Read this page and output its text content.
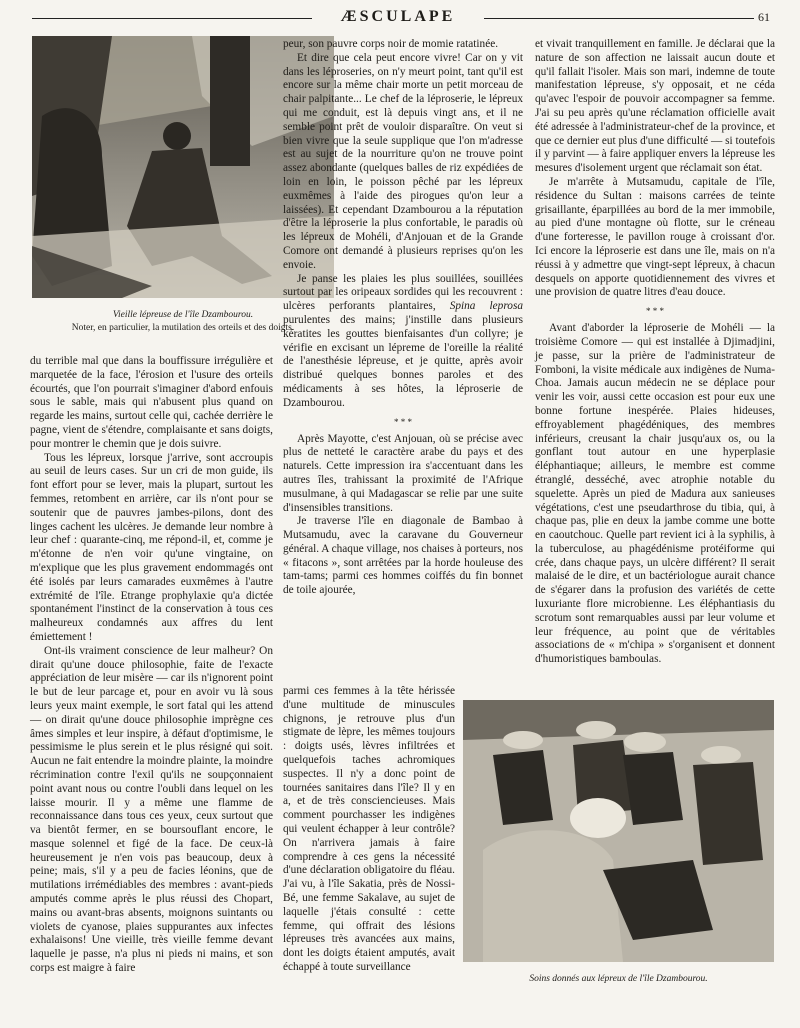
ÆSCULAPE	61
Vieille lépreuse de l'île Dzambourou.
Noter, en particulier, la mutilation des orteils et des doigts.
Soins donnés aux lépreux de l'île Dzambourou.

du terrible mal que dans la bouffissure irrégulière et marquetée de la face, l'érosion et l'usure des orteils écourtés, que l'on pourrait s'imaginer d'abord enfouis sous le sable, mais qui n'abusent plus quand on regarde les mains, surtout celle qui, cachée derrière le pagne, vient de s'étendre, complaisante et sans doigts, pour montrer le chemin que je dois suivre.

Tous les lépreux, lorsque j'arrive, sont accroupis au seuil de leurs cases. Sur un cri de mon guide, ils font effort pour se lever, mais la plupart, surtout les femmes, retombent en arrière, car ils n'ont pour se soutenir que de pauvres jambes-pilons, dont des linges cachent les ulcères. Je demande leur nombre à leur chef : quarante-cinq, me répond-il, et, comme je m'étonne de n'en voir qu'une vingtaine, on m'explique que les plus gravement endommagés ont été isolés par leurs camarades euxmêmes à l'autre extrémité de l'île. Etrange prophylaxie qu'a dictée spontanément l'instinct de la conservation à tous ces malheureux condamnés aux affres du lent émiettement !

Ont-ils vraiment conscience de leur malheur? On dirait qu'une douce philosophie, faite de l'exacte appréciation de leur misère — car ils n'ignorent point le but de leur parcage et, pour en avoir vu là sous leurs yeux maint exemple, le sort fatal qui les attend — on dirait qu'une douce philosophie imprègne ces âmes simples et leur inspire, à défaut d'optimisme, le pessimisme le plus serein et le plus résigné qui soit. Aucun ne fait entendre la moindre plainte, la moindre récrimination contre l'exil qu'ils ne soupçonnaient point avant nous ou contre l'oubli dans lequel on les laisse mourir. Il y a même une flamme de reconnaissance dans tous ces yeux, ceux surtout que va bientôt fermer, en se boursouflant encore, le masque solennel et figé de la face. De ceux-là heureusement je n'en vois pas beaucoup, deux à peine; mais, s'il y a peu de facies léonins, que de mutilations irrémédiables des membres : avant-pieds amputés comme après le plus réussi des Chopart, mains ou avant-bras absents, moignons suintants ou violets de cyanose, plaies suppurantes aux infectes exhalaisons! Une vieille, très vieille femme devant laquelle je passe, n'a plus ni pieds ni mains, et son corps est maigre à faire

peur, son pauvre corps noir de momie ratatinée.

Et dire que cela peut encore vivre! Car on y vit dans les léproseries, on n'y meurt point, tant qu'il est encore sur la même chair morte un petit morceau de chair palpitante... Le chef de la léproserie, le lépreux qui me conduit, est là depuis vingt ans, et il ne semble point prêt de vouloir disparaître. On veut si bien vivre que la seule supplique que l'on m'adresse est au sujet de la nourriture qu'on ne trouve point assez abondante (quelques balles de riz expédiées de loin en loin, le poisson pêché par les lépreux euxmêmes à l'aide des pirogues qu'on leur a laissées). Et cependant Dzambourou a la réputation d'être la léproserie la plus confortable, le paradis où les lépreux de Mohéli, d'Anjouan et de la Grande Comore ont demandé à plusieurs reprises qu'on les envoie.

Je panse les plaies les plus souillées, souillées surtout par les oripeaux sordides qui les recouvrent : ulcères perforants plantaires, Spina leprosa purulentes des mains; j'instille dans plusieurs kératites les gouttes bienfaisantes d'un collyre; je vérifie en excisant un lépreme de l'oreille la réalité de l'anesthésie lépreuse, et je quitte, après avoir distribué quelques bonnes paroles et des médicaments à ses hôtes, la léproserie de Dzambourou.

* * *

Après Mayotte, c'est Anjouan, où se précise avec plus de netteté le caractère arabe du pays et des naturels. Cette impression ira s'accentuant dans les autres îles, trahissant la proximité de l'Afrique musulmane, à qui Madagascar se relie par une suite d'insensibles transitions.

Je traverse l'île en diagonale de Bambao à Mutsamudu, avec la caravane du Gouverneur général. A chaque village, nos chaises à porteurs, nos « fitacons », sont arrêtées par la horde houleuse des tam-tams; parmi ces hommes coiffés du fin bonnet de toile ajourée,

parmi ces femmes à la tête hérissée d'une multitude de minuscules chignons, je retrouve plus d'un stigmate de lèpre, les mêmes toujours : doigts usés, lèvres infiltrées et quelquefois taches achromiques suspectes. Il n'y a donc point de tournées sanitaires dans l'île? Il y en a, et de très consciencieuses. Mais comment pourchasser les indigènes qui veulent échapper à leur contrôle? On n'arrivera jamais à faire comprendre à ces gens la nécessité d'une déclaration obligatoire du fléau. J'ai vu, à l'île Sakatia, près de Nossi-Bé, une femme Sakalave, au sujet de laquelle j'étais consulté : cette femme, qui offrait des lésions lépreuses très avancées aux mains, dont les doigts étaient amputés, avait échappé à toute surveillance

et vivait tranquillement en famille. Je déclarai que la nature de son affection ne laissait aucun doute et qu'il fallait l'isoler. Mais son mari, indemne de toute manifestation lépreuse, s'y opposait, et ne céda qu'avec l'espoir de pouvoir accompagner sa femme. J'ai su peu après qu'une réclamation officielle avait été adressée à l'administrateur-chef de la province, et que ce dernier eut plus d'une difficulté — si toutefois il y parvint — à faire appliquer envers la lépreuse les mesures d'isolement urgent que réclamait son état.

Je m'arrête à Mutsamudu, capitale de l'île, résidence du Sultan : maisons carrées de teinte grisaillante, éparpillées au bord de la mer immobile, au pied d'une montagne où flotte, sur le créneau d'une forteresse, le pavillon rouge à croissant d'or. Ici encore la léproserie est dans une île, mais on n'a réussi à y admettre que vingt-sept lépreux, à chacun desquels on apporte quotidiennement des vivres et une provision de quatre litres d'eau douce.

* * *

Avant d'aborder la léproserie de Mohéli — la troisième Comore — qui est installée à Djimadjini, je passe, sur la prière de l'administrateur de Fomboni, la visite médicale aux indigènes de Numa-Choa. Jamais aucun médecin ne se déplace pour venir les voir, aussi cette occasion est pour eux une bonne fortune inespérée. Plaies hideuses, effroyablement phagédéniques, des membres inférieurs, creusant la chair jusqu'aux os, ou la gonflant tout autour en une hyperplasie éléphantiaque; ailleurs, le membre est comme étranglé, desséché, avec atrophie notable du squelette. Après un pied de Madura aux sanieuses végétations, c'est une pseudarthrose du tibia, qui, à chaque pas, plie en deux la jambe comme une botte en caoutchouc. Quelle part revient ici à la syphilis, à la tuberculose, au phagédénisme protéiforme qui crée, dans chaque pays, un ulcère différent? Il serait malaisé de le dire, et un bactériologue aurait chance de s'égarer dans la profusion des variétés de cette luxuriante flore microbienne. Les éléphantiasis du scrotum sont remarquables aussi par leur volume et leur fréquence, au point que de véritables associations de « m'chipa » s'organisent et donnent d'humoristiques bamboulas.
